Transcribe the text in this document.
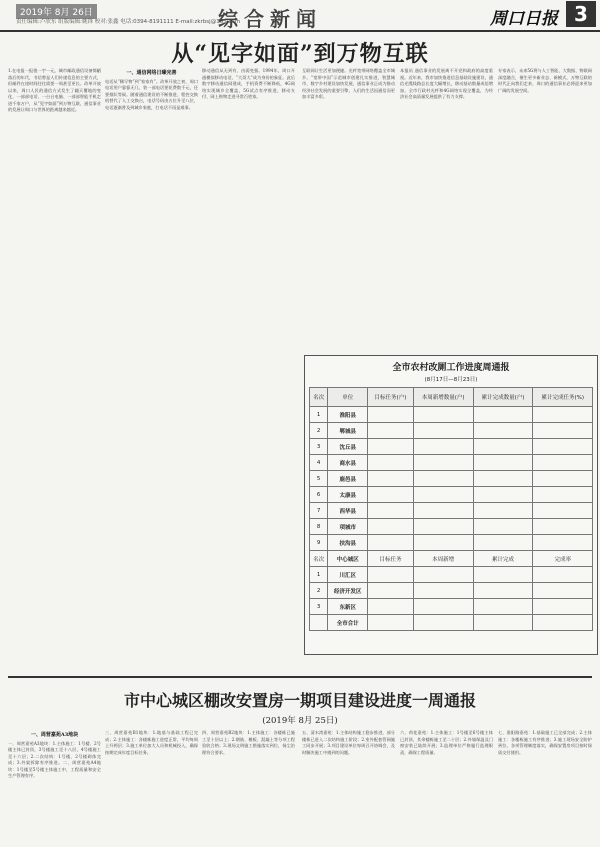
2019年 8月 26日
责任编辑:卢欣东 组版编辑:姚锋 校对:张鑫 电话:0394-8191111 E-mail:zkrbsj@163.com
综合新闻	周口日报 3
从“见字如面”到万物互联
1.在电报一报值一字一元，城市邮政通信设备简陋落后的年代，书信曾是人们传递信息的主要方式，但邮件在途时间往往需要一周甚至更长。改革开放以来，周口人民的通信方式发生了翻天覆地的变化，一部部电话、一台台电脑、一部部智能手机走进千家万户，从“见字如面”到万物互联，通信事业的发展让周口与世界的距离越来越近。
一、通信网络日臻完善
电话从“稀罕物”到“家家有”。改革开放之初，周口电话用户寥寥无几，装一部电话要花费数千元，还要排队等候。随着通信建设的不断推进，程控交换机替代了人工交换台，电话号码由五位升至八位，电话逐渐普及到城乡家庭，打电话不再是难事。
移动通信从无到有、由弱变强。1994年，周口开通模拟移动电话，“大哥大”成为身份的象征。此后数字移动通信网建成，手机资费不断降低，4G网络实现城乡全覆盖，5G试点有序推进，移动支付、网上购物走进寻常百姓家。
互联网让生活更加便捷。光纤宽带网络覆盖全市城乡，“宽带中国”示范城市创建扎实推进，智慧城市、数字乡村建设加快发展，通信事业正成为推动经济社会发展的重要引擎，人们的生活因通信而更加丰富多彩。
本报讯 通信事业的发展离不开党和政府的高度重视。近年来，我市加快推进信息基础设施建设，通信光缆线路总长度大幅增长，移动基站数量成倍增加，全市行政村光纤和4G网络实现全覆盖，为经济社会高质量发展提供了有力支撑。
专家表示，未来5G将与人工智能、大数据、物联网深度融合，催生更多新业态、新模式，万物互联的时代正向我们走来，周口的通信事业必将迎来更加广阔的发展空间。
全市农村改厕工作进度周通报
(8月17日—8月23日)
名次	单位	目标任务(户)	本周新增数量(户)	累计完成数量(户)	累计完成任务(%)
1	淮阳县				
2	郸城县				
3	沈丘县				
4	商水县				
5	鹿邑县				
6	太康县				
7	西华县				
8	项城市				
9	扶沟县				
名次	中心城区	目标任务	本周新增	累计完成	完成率
1	川汇区				
2	经济开发区				
3	东新区				
	全市合计				
市中心城区棚改安置房一期项目建设进度一周通报
(2019年 8月 25日)
一、周营嘉苑A3地块
一、周营嘉苑A3地块：1.主体施工：1号楼、2号楼主体已封顶，3号楼施工至十八层，4号楼施工至十六层；2.二次结构：1号楼、2号楼砌体完成；3.外架拆除有序推进。二、周营嘉苑A4地块：1号楼至5号楼主体施工中，工程质量和安全生产管理有序。
三、周营嘉苑B1地块：1.地基与基础工程已完成；2.主体施工：各楼栋施工进度正常，平均每周上升两层；3.施工单位加大人员和机械投入，确保按期完成年度目标任务。
四、周营嘉苑B2地块：1.主体施工：各楼栋已施工至十层以上；2.钢筋、模板、混凝土等分项工程验收合格；3.现场文明施工措施落实到位，扬尘治理符合要求。
五、清水湾嘉苑：1.主体结构施工稳步推进，部分楼栋已进入二次结构施工阶段；2.室外配套管网施工同步开展；3.项目建设单位每周召开协调会，及时解决施工中遇到的问题。
六、荷花嘉苑：1.主体施工：1号楼至6号楼主体已封顶，其余楼栋施工至二十层；2.外墙保温及门窗安装已陆续开展；3.监理单位严格履行监理职责，确保工程质量。
七、淮阳路嘉苑：1.基础施工已全部完成；2.主体施工：各楼栋施工有序推进；3.施工现场安全防护到位，各项管理制度落实，确保安置房项目按时保质交付使用。
